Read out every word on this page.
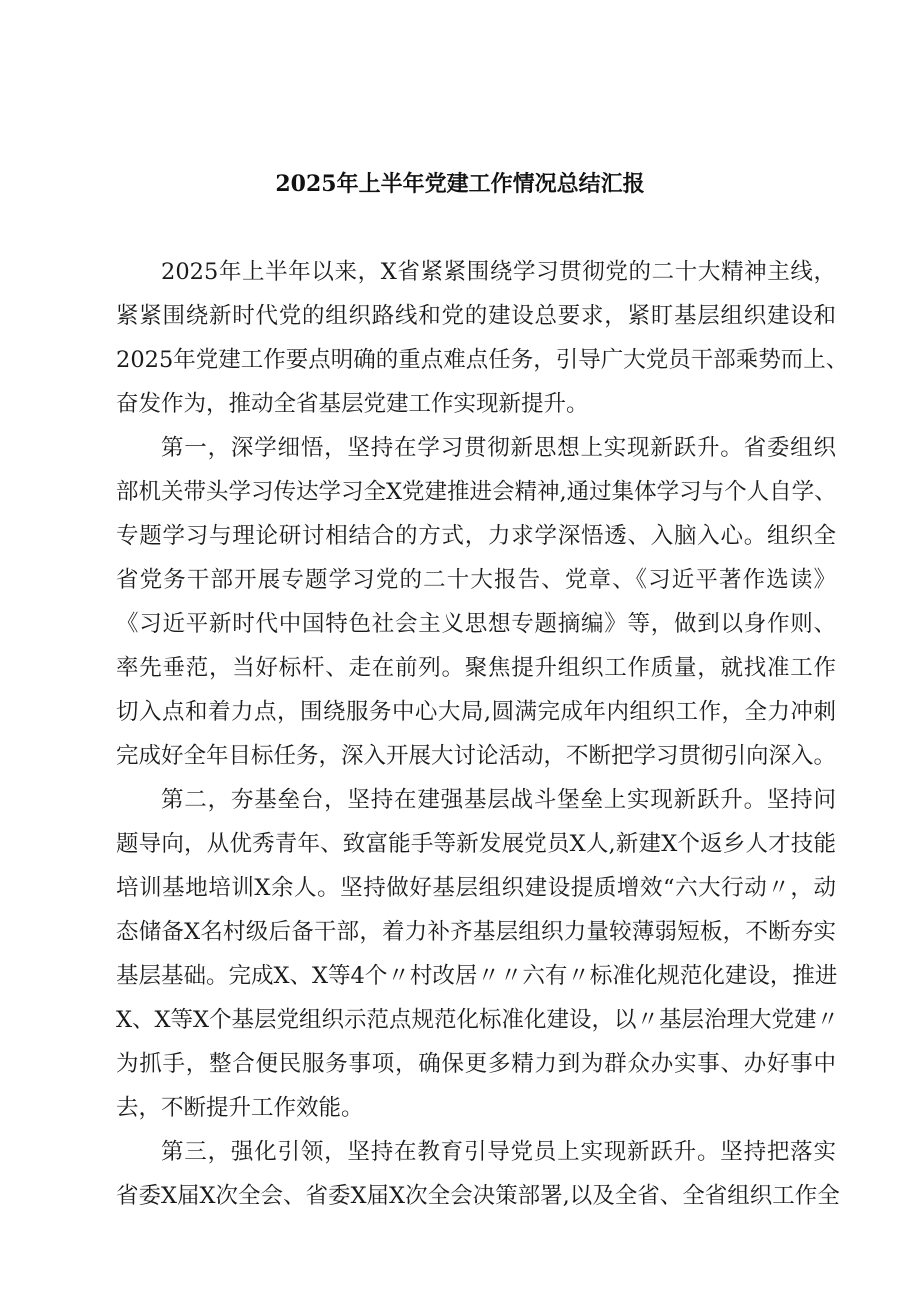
2025年上半年党建工作情况总结汇报
2025年上半年以来，X省紧紧围绕学习贯彻党的二十大精神主线，
紧紧围绕新时代党的组织路线和党的建设总要求，紧盯基层组织建设和
2025年党建工作要点明确的重点难点任务，引导广大党员干部乘势而上、
奋发作为，推动全省基层党建工作实现新提升。
第一，深学细悟，坚持在学习贯彻新思想上实现新跃升。省委组织
部机关带头学习传达学习全X党建推进会精神,通过集体学习与个人自学、
专题学习与理论研讨相结合的方式，力求学深悟透、入脑入心。组织全
省党务干部开展专题学习党的二十大报告、党章、《习近平著作选读》
《习近平新时代中国特色社会主义思想专题摘编》等，做到以身作则、
率先垂范，当好标杆、走在前列。聚焦提升组织工作质量，就找准工作
切入点和着力点，围绕服务中心大局,圆满完成年内组织工作，全力冲刺
完成好全年目标任务，深入开展大讨论活动，不断把学习贯彻引向深入。
第二，夯基垒台，坚持在建强基层战斗堡垒上实现新跃升。坚持问
题导向，从优秀青年、致富能手等新发展党员X人,新建X个返乡人才技能
培训基地培训X余人。坚持做好基层组织建设提质增效“六大行动〃，动
态储备X名村级后备干部，着力补齐基层组织力量较薄弱短板，不断夯实
基层基础。完成X、X等4个〃村改居〃〃六有〃标准化规范化建设，推进
X、X等X个基层党组织示范点规范化标准化建设，以〃基层治理大党建〃
为抓手，整合便民服务事项，确保更多精力到为群众办实事、办好事中
去，不断提升工作效能。
第三，强化引领，坚持在教育引导党员上实现新跃升。坚持把落实
省委X届X次全会、省委X届X次全会决策部署,以及全省、全省组织工作全
